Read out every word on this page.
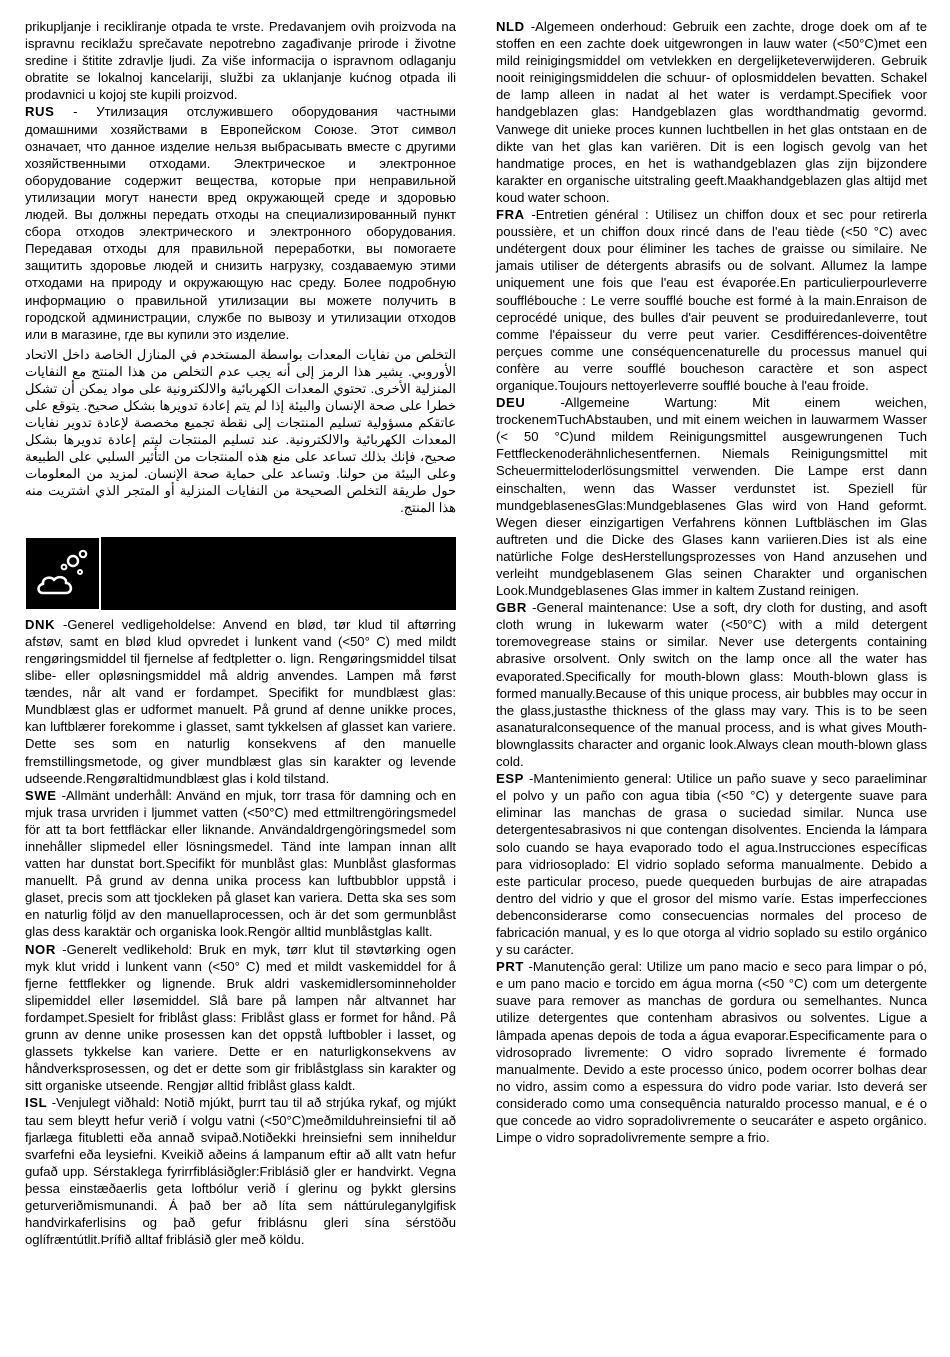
prikupljanje i recikliranje otpada te vrste. Predavanjem ovih proizvoda na ispravnu reciklažu sprečavate nepotrebno zagađivanje prirode i životne sredine i štitite zdravlje ljudi. Za više informacija o ispravnom odlaganju obratite se lokalnoj kancelariji, službi za uklanjanje kućnog otpada ili prodavnici u kojoj ste kupili proizvod.

RUS - Утилизация отслужившего оборудования частными домашними хозяйствами в Европейском Союзе. Этот символ означает, что данное изделие нельзя выбрасывать вместе с другими хозяйственными отходами. Электрическое и электронное оборудование содержит вещества, которые при неправильной утилизации могут нанести вред окружающей среде и здоровью людей. Вы должны передать отходы на специализированный пункт сбора отходов электрического и электронного оборудования. Передавая отходы для правильной переработки, вы помогаете защитить здоровье людей и снизить нагрузку, создаваемую этими отходами на природу и окружающую нас среду. Более подробную информацию о правильной утилизации вы можете получить в городской администрации, службе по вывозу и утилизации отходов или в магазине, где вы купили это изделие.

التخلص من نفايات المعدات بواسطة المستخدم في المنازل الخاصة داخل الاتحاد الأوروبي. يشير هذا الرمز إلى أنه يجب عدم التخلص من هذا المنتج مع النفايات المنزلية الأخرى. تحتوي المعدات الكهربائية والالكترونية على مواد يمكن أن تشكل خطرا على صحة الإنسان والبيئة إذا لم يتم إعادة تدويرها بشكل صحيح. يتوقع على عاتقكم مسؤولية تسليم المنتجات إلى نقطة تجميع مخصصة لإعادة تدوير نفايات المعدات الكهربائية والالكترونية. عند تسليم المنتجات ليتم إعادة تدويرها بشكل صحيح، فإنك بذلك تساعد على منع هذه المنتجات من التأثير السلبي على الطبيعة وعلى البيئة من حولنا. وتساعد على حماية صحة الإنسان. لمزيد من المعلومات حول طريقة التخلص الصحيحة من النفايات المنزلية أو المتجر الذي اشتريت منه هذا المنتج.

DNK -Generel vedligeholdelse: Anvend en blød, tør klud til aftørring afstøv, samt en blød klud opvredet i lunkent vand (<50° C) med mildt rengøringsmiddel til fjernelse af fedtpletter o. lign. Rengøringsmiddel tilsat slibe- eller opløsningsmiddel må aldrig anvendes. Lampen må først tændes, når alt vand er fordampet. Specifikt for mundblæst glas: Mundblæst glas er udformet manuelt. På grund af denne unikke proces, kan luftblærer forekomme i glasset, samt tykkelsen af glasset kan variere. Dette ses som en naturlig konsekvens af den manuelle fremstillingsmetode, og giver mundblæst glas sin karakter og levende udseende.Rengøraltidmundblæst glas i kold tilstand.

SWE -Allmänt underhåll: Använd en mjuk, torr trasa för damning och en mjuk trasa urvriden i ljummet vatten (<50°C) med ettmiltrengöringsmedel för att ta bort fettfläckar eller liknande. Användaldrgengöringsmedel som innehåller slipmedel eller lösningsmedel. Tänd inte lampan innan allt vatten har dunstat bort.Specifikt för munblåst glas: Munblåst glasformas manuellt. På grund av denna unika process kan luftbubblor uppstå i glaset, precis som att tjockleken på glaset kan variera. Detta ska ses som en naturlig följd av den manuellaprocessen, och är det som germunblåst glas dess karaktär och organiska look.Rengör alltid munblåstglas kallt.

NOR -Generelt vedlikehold: Bruk en myk, tørr klut til støvtørking ogen myk klut vridd i lunkent vann (<50° C) med et mildt vaskemiddel for å fjerne fettflekker og lignende. Bruk aldri vaskemidlersominneholder slipemiddel eller løsemiddel. Slå bare på lampen når altvannet har fordampet.Spesielt for friblåst glass: Friblåst glass er formet for hånd. På grunn av denne unike prosessen kan det oppstå luftbobler i lasset, og glassets tykkelse kan variere. Dette er en naturligkonsekvens av håndverksprosessen, og det er dette som gir friblåstglass sin karakter og sitt organiske utseende. Rengjør alltid friblåst glass kaldt.

ISL -Venjulegt viðhald: Notið mjúkt, þurrt tau til að strjúka rykaf, og mjúkt tau sem bleytt hefur verið í volgu vatni (<50°C)meðmilduhreinsiefni til að fjarlæga fitubletti eða annað svipað.Notiðekki hreinsiefni sem inniheldur svarfefni eða leysiefni. Kveikið aðeins á lampanum eftir að allt vatn hefur gufað upp. Sérstaklega fyrirrfiblásiðgler:Friblásið gler er handvirkt. Vegna þessa einstæðaerlis geta loftbólur verið í glerinu og þykkt glersins geturveriðmismunandi. Á það ber að líta sem náttúruleganylgifisk handvirkaferlisins og það gefur friblásnu gleri sína sérstöðu oglífræntútlit.Þrífið alltaf friblásið gler með köldu.

NLD -Algemeen onderhoud: Gebruik een zachte, droge doek om af te stoffen en een zachte doek uitgewrongen in lauw water (<50°C)met een mild reinigingsmiddel om vetvlekken en dergelijketeverwijderen. Gebruik nooit reinigingsmiddelen die schuur- of oplosmiddelen bevatten. Schakel de lamp alleen in nadat al het water is verdampt.Specifiek voor handgeblazen glas: Handgeblazen glas wordthandmatig gevormd. Vanwege dit unieke proces kunnen luchtbellen in het glas ontstaan en de dikte van het glas kan variëren. Dit is een logisch gevolg van het handmatige proces, en het is wathandgeblazen glas zijn bijzondere karakter en organische uitstraling geeft.Maakhandgeblazen glas altijd met koud water schoon.

FRA -Entretien général : Utilisez un chiffon doux et sec pour retirerla poussière, et un chiffon doux rincé dans de l'eau tiède (<50 °C) avec undétergent doux pour éliminer les taches de graisse ou similaire. Ne jamais utiliser de détergents abrasifs ou de solvant. Allumez la lampe uniquement une fois que l'eau est évaporée.En particulierpourleverre soufflébouche : Le verre soufflé bouche est formé à la main.Enraison de ceprocédé unique, des bulles d'air peuvent se produiredanleverre, tout comme l'épaisseur du verre peut varier. Cesdifférences-doiventêtre perçues comme une conséquencenaturelle du processus manuel qui confère au verre soufflé boucheson caractère et son aspect organique.Toujours nettoyerleverre soufflé bouche à l'eau froide.

DEU -Allgemeine Wartung: Mit einem weichen, trockenemTuchAbstauben, und mit einem weichen in lauwarmem Wasser (< 50 °C)und mildem Reinigungsmittel ausgewrungenen Tuch Fettfleckenoderähnlichesentfernen. Niemals Reinigungsmittel mit Scheuermitteloderlösungsmittel verwenden. Die Lampe erst dann einschalten, wenn das Wasser verdunstet ist. Speziell für mundgeblasenesGlas:Mundgeblasenes Glas wird von Hand geformt. Wegen dieser einzigartigen Verfahrens können Luftbläschen im Glas auftreten und die Dicke des Glases kann variieren.Dies ist als eine natürliche Folge desHerstellungsprozesses von Hand anzusehen und verleiht mundgeblasenem Glas seinen Charakter und organischen Look.Mundgeblasenes Glas immer in kaltem Zustand reinigen.

GBR -General maintenance: Use a soft, dry cloth for dusting, and asoft cloth wrung in lukewarm water (<50°C) with a mild detergent toremovegrease stains or similar. Never use detergents containing abrasive orsolvent. Only switch on the lamp once all the water has evaporated.Specifically for mouth-blown glass: Mouth-blown glass is formed manually.Because of this unique process, air bubbles may occur in the glass,justasthe thickness of the glass may vary. This is to be seen asanaturalconsequence of the manual process, and is what gives Mouth-blownglassits character and organic look.Always clean mouth-blown glass cold.

ESP -Mantenimiento general: Utilice un paño suave y seco paraeliminar el polvo y un paño con agua tibia (<50 °C) y detergente suave para eliminar las manchas de grasa o suciedad similar. Nunca use detergentesabrasivos ni que contengan disolventes. Encienda la lámpara solo cuando se haya evaporado todo el agua.Instrucciones específicas para vidriosoplado: El vidrio soplado seforma manualmente. Debido a este particular proceso, puede quequeden burbujas de aire atrapadas dentro del vidrio y que el grosor del mismo varíe. Estas imperfecciones debenconsiderarse como consecuencias normales del proceso de fabricación manual, y es lo que otorga al vidrio soplado su estilo orgánico y su carácter.

PRT -Manutenção geral: Utilize um pano macio e seco para limpar o pó, e um pano macio e torcido em água morna (<50 °C) com um detergente suave para remover as manchas de gordura ou semelhantes. Nunca utilize detergentes que contenham abrasivos ou solventes. Ligue a lâmpada apenas depois de toda a água evaporar.Especificamente para o vidrosoprado livremente: O vidro soprado livremente é formado manualmente. Devido a este processo único, podem ocorrer bolhas dear no vidro, assim como a espessura do vidro pode variar. Isto deverá ser considerado como uma consequência naturaldo processo manual, e é o que concede ao vidro sopradolivremente o seucaráter e aspeto orgânico. Limpe o vidro sopradolivremente sempre a frio.
